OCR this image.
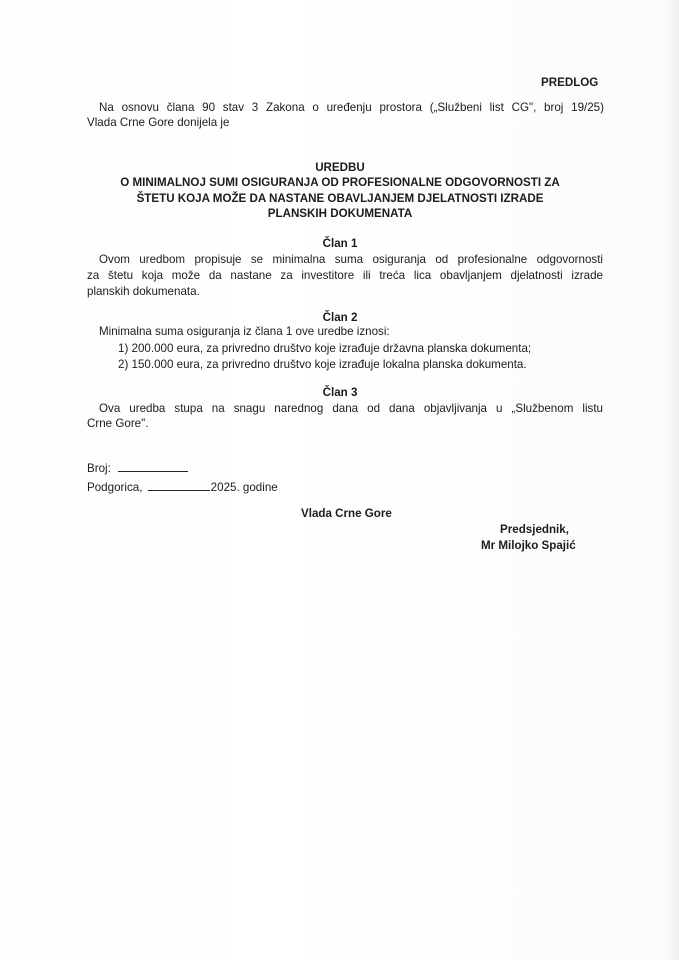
PREDLOG
Na osnovu člana 90 stav 3 Zakona o uređenju prostora („Službeni list CG", broj 19/25)
Vlada Crne Gore donijela je
UREDBU
O MINIMALNOJ SUMI OSIGURANJA OD PROFESIONALNE ODGOVORNOSTI ZA
ŠTETU KOJA MOŽE DA NASTANE OBAVLJANJEM DJELATNOSTI IZRADE
PLANSKIH DOKUMENATA
Član 1
Ovom uredbom propisuje se minimalna suma osiguranja od profesionalne odgovornosti
za štetu koja može da nastane za investitore ili treća lica obavljanjem djelatnosti izrade
planskih dokumenata.
Član 2
Minimalna suma osiguranja iz člana 1 ove uredbe iznosi:
1) 200.000 eura, za privredno društvo koje izrađuje državna planska dokumenta;
2) 150.000 eura, za privredno društvo koje izrađuje lokalna planska dokumenta.
Član 3
Ova uredba stupa na snagu narednog dana od dana objavljivanja u „Službenom listu
Crne Gore".
Broj:
Podgorica,	2025. godine
Vlada Crne Gore
Predsjednik,
Mr Milojko Spajić
